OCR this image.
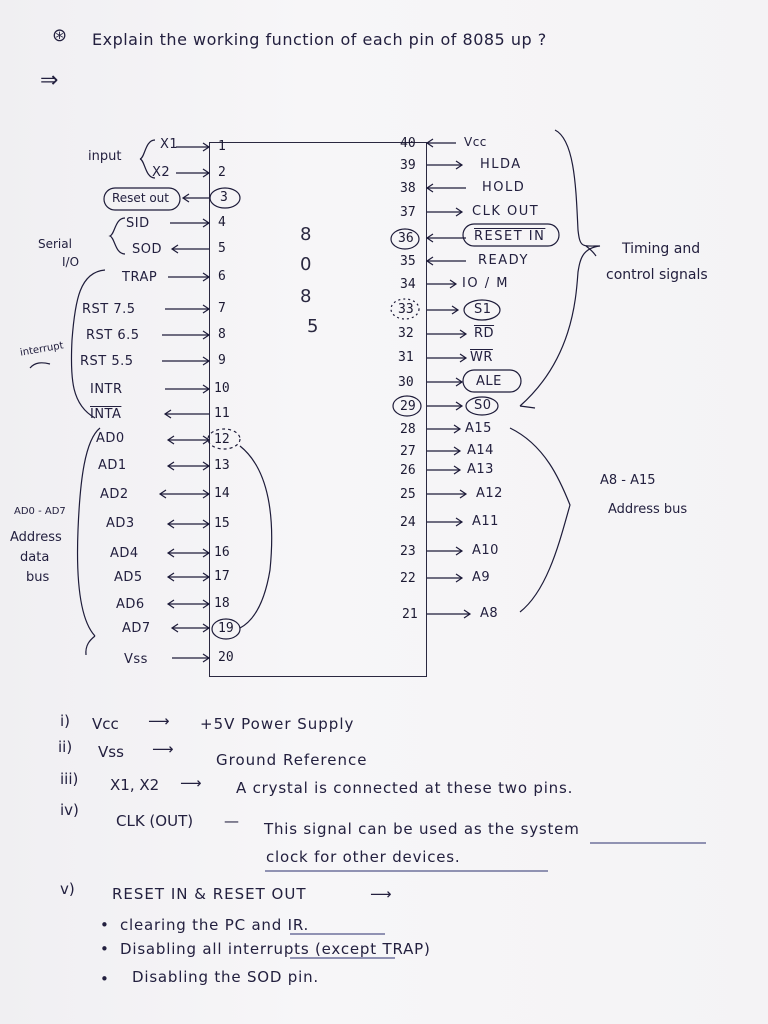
⊛ Explain the working function of each pin of 8085 up ?
⇒
8
0
8
5
X1
X2
Reset out
SID
SOD
TRAP
RST 7.5
RST 6.5
RST 5.5
INTR
INTA
AD0
AD1
AD2
AD3
AD4
AD5
AD6
AD7
Vss
1
2
3
4
5
6
7
8
9
10
11
12
13
14
15
16
17
18
19
20
40
39
38
37
36
35
34
33
32
31
30
29
28
27
26
25
24
23
22
21
Vcc
HLDA
HOLD
CLK OUT
RESET IN
READY
IO / M
S1
$\overline{RD}$
$\overline{WR}$
ALE
S0
A15
A14
A13
A12
A11
A10
A9
A8
input
Serial
I/O
interrupt
AD0 - AD7
Address
data
bus
Timing and
control signals
A8 - A15
Address bus
i) Vcc ⟶ +5V Power Supply
ii) Vss ⟶
Ground Reference
iii) X1, X2 ⟶ A crystal is connected at these two pins.
iv)
CLK (OUT) — This signal can be used as the system
clock for other devices.
v) RESET IN & RESET OUT	⟶
• clearing the PC and IR.
• Disabling all interrupts (except TRAP)
• Disabling the SOD pin.
